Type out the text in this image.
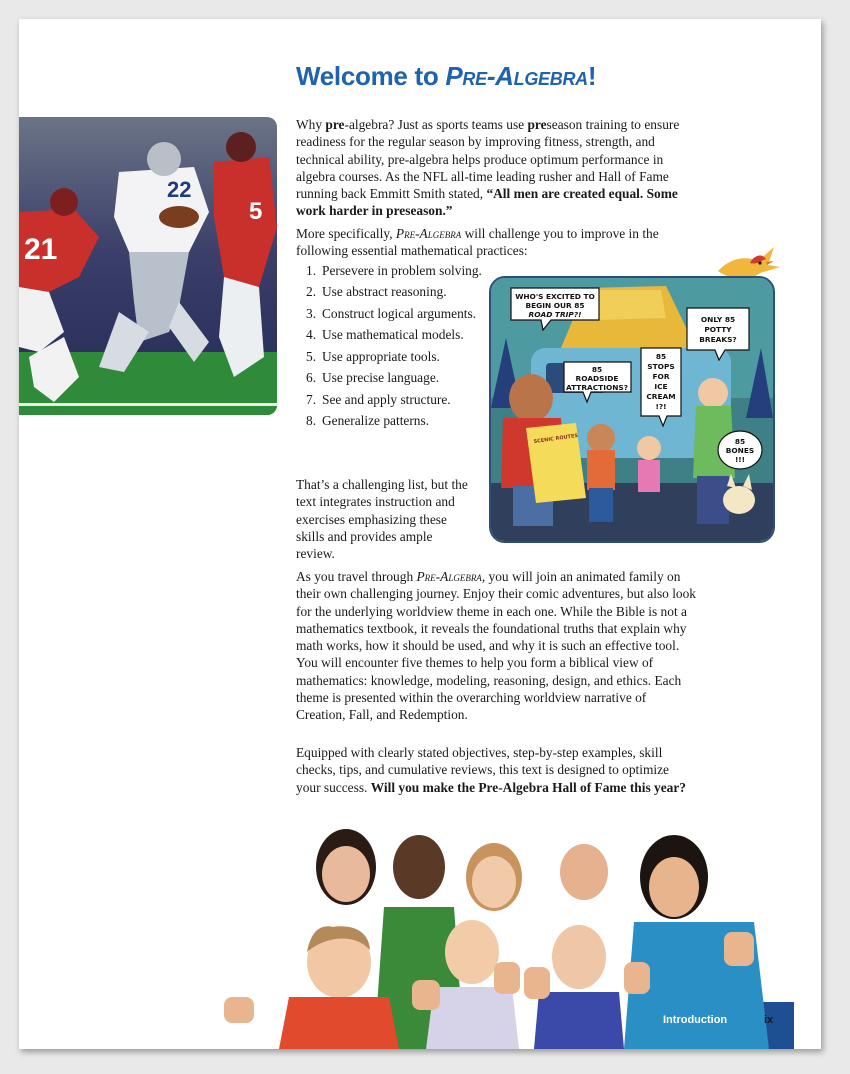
Welcome to Pre-Algebra!
21
22
5

Why pre-algebra? Just as sports teams use preseason training to ensure readiness for the regular season by improving fitness, strength, and technical ability, pre-algebra helps produce optimum performance in algebra courses. As the NFL all-time leading rusher and Hall of Fame running back Emmitt Smith stated, “All men are created equal. Some work harder in preseason.”

More specifically, Pre-Algebra will challenge you to improve in the following essential mathematical practices:

1. Persevere in problem solving.
2. Use abstract reasoning.
3. Construct logical arguments.
4. Use mathematical models.
5. Use appropriate tools.
6. Use precise language.
7. See and apply structure.
8. Generalize patterns.
SCENIC ROUTES
WHO'S EXCITED TO
BEGIN OUR 85
ROAD TRIP?!
85
ROADSIDE
ATTRACTIONS?
85
STOPS
FOR
ICE
CREAM
!?!
ONLY 85
POTTY
BREAKS?
85
BONES
!!!

That’s a challenging list, but the text integrates instruction and exercises emphasizing these skills and provides ample review.

As you travel through Pre-Algebra, you will join an animated family on their own challenging journey. Enjoy their comic adventures, but also look for the underlying worldview theme in each one. While the Bible is not a mathematics textbook, it reveals the foundational truths that explain why math works, how it should be used, and why it is such an effective tool. You will encounter five themes to help you form a biblical view of mathematics: knowledge, modeling, reasoning, design, and ethics. Each theme is presented within the overarching worldview narrative of Creation, Fall, and Redemption.

Equipped with clearly stated objectives, step-by-step examples, skill checks, tips, and cumulative reviews, this text is designed to optimize your success. Will you make the Pre-Algebra Hall of Fame this year?

Introduction	ix
